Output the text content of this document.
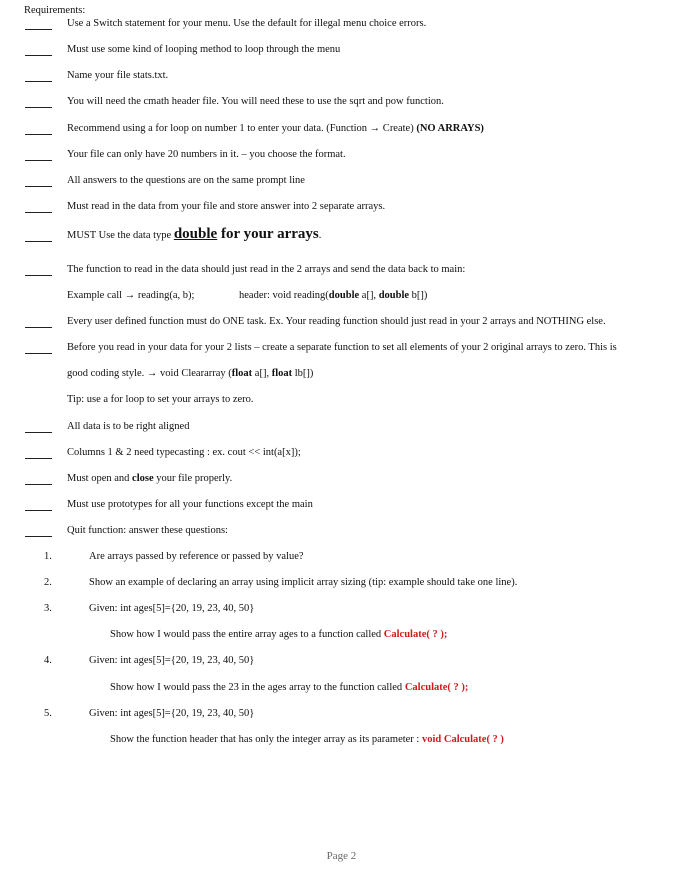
Requirements:
Use a Switch statement for your menu. Use the default for illegal menu choice errors.
Must use some kind of looping method to loop through the menu
Name your file stats.txt.
You will need the cmath header file. You will need these to use the sqrt and pow function.
Recommend using a for loop on number 1 to enter your data. (Function → Create) (NO ARRAYS)
Your file can only have 20 numbers in it. – you choose the format.
All answers to the questions are on the same prompt line
Must read in the data from your file and store answer into 2 separate arrays.
MUST Use the data type double for your arrays.
The function to read in the data should just read in the 2 arrays and send the data back to main:
Example call → reading(a, b);	header: void reading(double a[], double b[])
Every user defined function must do ONE task. Ex. Your reading function should just read in your 2 arrays and NOTHING else.
Before you read in your data for your 2 lists – create a separate function to set all elements of your 2 original arrays to zero. This is
good coding style. → void Cleararray (float a[], float lb[])
Tip: use a for loop to set your arrays to zero.
All data is to be right aligned
Columns 1 & 2 need typecasting : ex. cout << int(a[x]);
Must open and close your file properly.
Must use prototypes for all your functions except the main
Quit function: answer these questions:
1.	Are arrays passed by reference or passed by value?
2.	Show an example of declaring an array using implicit array sizing (tip: example should take one line).
3.	Given: int ages[5]={20, 19, 23, 40, 50}
Show how I would pass the entire array ages to a function called Calculate( ? );
4.	Given: int ages[5]={20, 19, 23, 40, 50}
Show how I would pass the 23 in the ages array to the function called Calculate( ? );
5.	Given: int ages[5]={20, 19, 23, 40, 50}
Show the function header that has only the integer array as its parameter : void Calculate( ? )
Page 2
